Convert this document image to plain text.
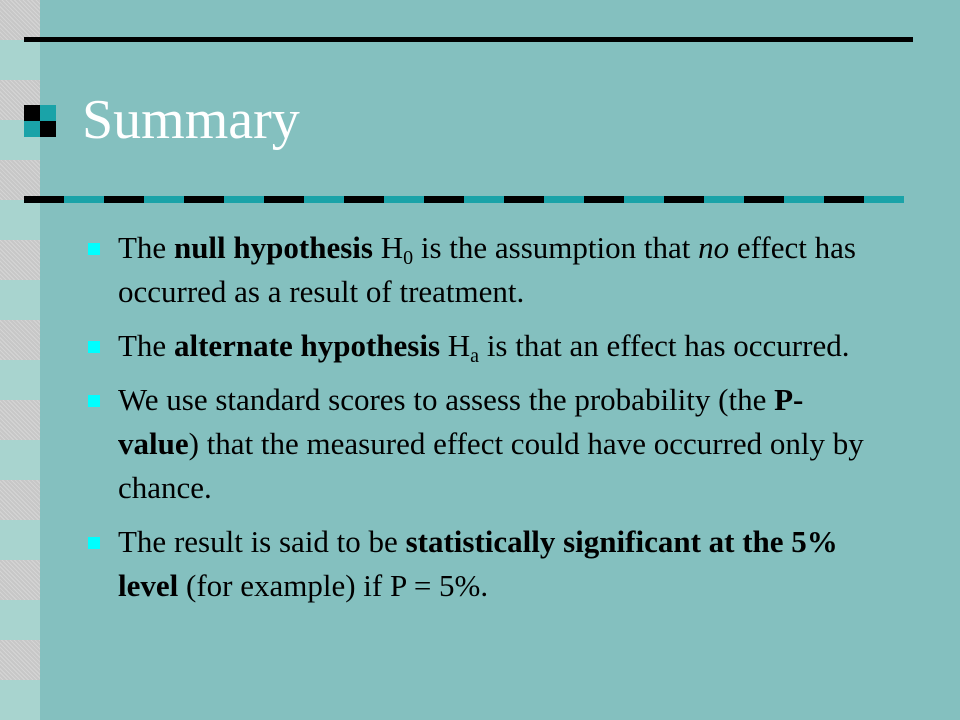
Summary
The null hypothesis $H_0$ is the assumption that no effect has occurred as a result of treatment.
The alternate hypothesis $H_a$ is that an effect has occurred.
We use standard scores to assess the probability (the P-value) that the measured effect could have occurred only by chance.
The result is said to be statistically significant at the 5% level (for example) if P = 5%.
